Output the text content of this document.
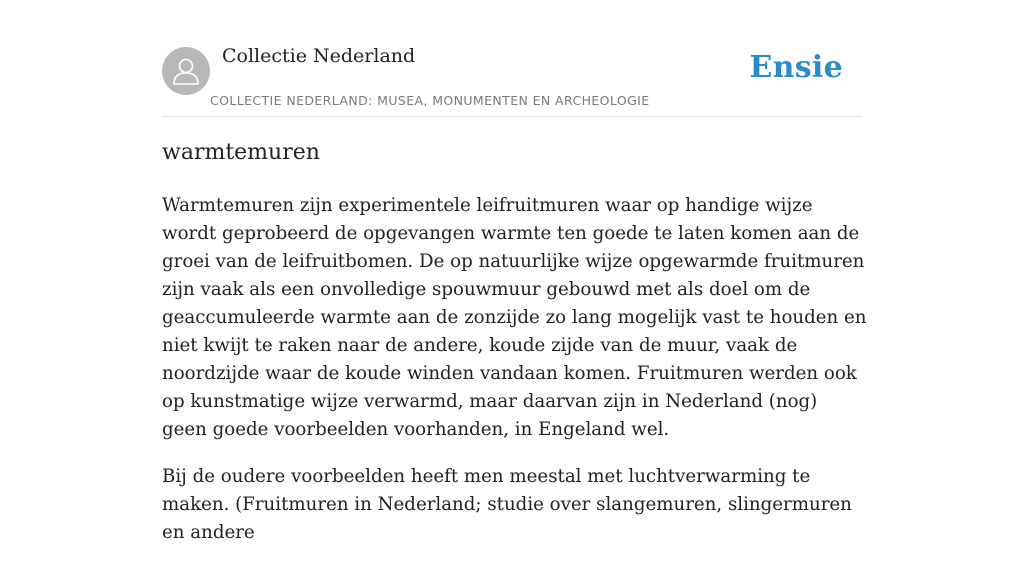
Collectie Nederland
COLLECTIE NEDERLAND: MUSEA, MONUMENTEN EN ARCHEOLOGIE
Ensie
warmtemuren

Warmtemuren zijn experimentele leifruitmuren waar op handige wijze wordt geprobeerd de opgevangen warmte ten goede te laten komen aan de groei van de leifruitbomen. De op natuurlijke wijze opgewarmde fruitmuren zijn vaak als een onvolledige spouwmuur gebouwd met als doel om de geaccumuleerde warmte aan de zonzijde zo lang mogelijk vast te houden en niet kwijt te raken naar de andere, koude zijde van de muur, vaak de noordzijde waar de koude winden vandaan komen. Fruitmuren werden ook op kunstmatige wijze verwarmd, maar daarvan zijn in Nederland (nog) geen goede voorbeelden voorhanden, in Engeland wel.

Bij de oudere voorbeelden heeft men meestal met luchtverwarming te maken. (Fruitmuren in Nederland; studie over slangemuren, slingermuren en andere
